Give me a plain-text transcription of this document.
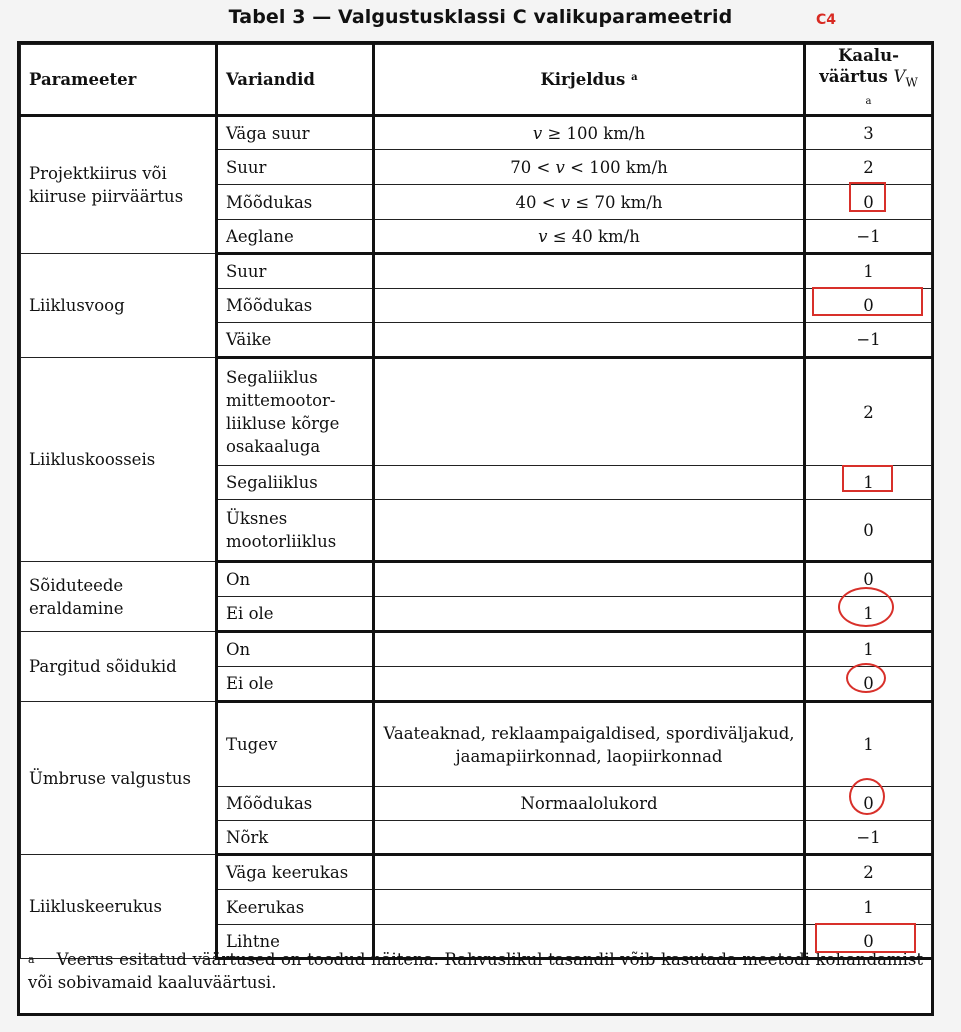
Tabel 3 — Valgustusklassi C valikuparameetrid	C4
Parameeter	Variandid	Kirjeldus $^a$	Kaalu-
väärtus $V_W$ $^a$
Projektkiirus või kiiruse piirväärtus	Väga suur	v ≥ 100 km/h	3
	Suur	70 < v < 100 km/h	2
	Mõõdukas	40 < v ≤ 70 km/h	0
	Aeglane	v ≤ 40 km/h	−1
Liiklusvoog	Suur		1
	Mõõdukas		0
	Väike		−1
Liikluskoosseis	Segaliiklus mittemootor-liikluse kõrge osakaaluga		2
	Segaliiklus		1
	Üksnes mootorliiklus		0
Sõiduteede eraldamine	On		0
	Ei ole		1
Pargitud sõidukid	On		1
	Ei ole		0
Ümbruse valgustus	Tugev	Vaateaknad, reklaampaigaldised, spordiväljakud, jaamapiirkonnad, laopiirkonnad	1
	Mõõdukas	Normaalolukord	0
	Nõrk		−1
Liikluskeerukus	Väga keerukas		2
	Keerukas		1
	Lihtne		0
$^a$ Veerus esitatud väärtused on toodud näitena. Rahvuslikul tasandil võib kasutada meetodi kohandamist või sobivamaid kaaluväärtusi.
